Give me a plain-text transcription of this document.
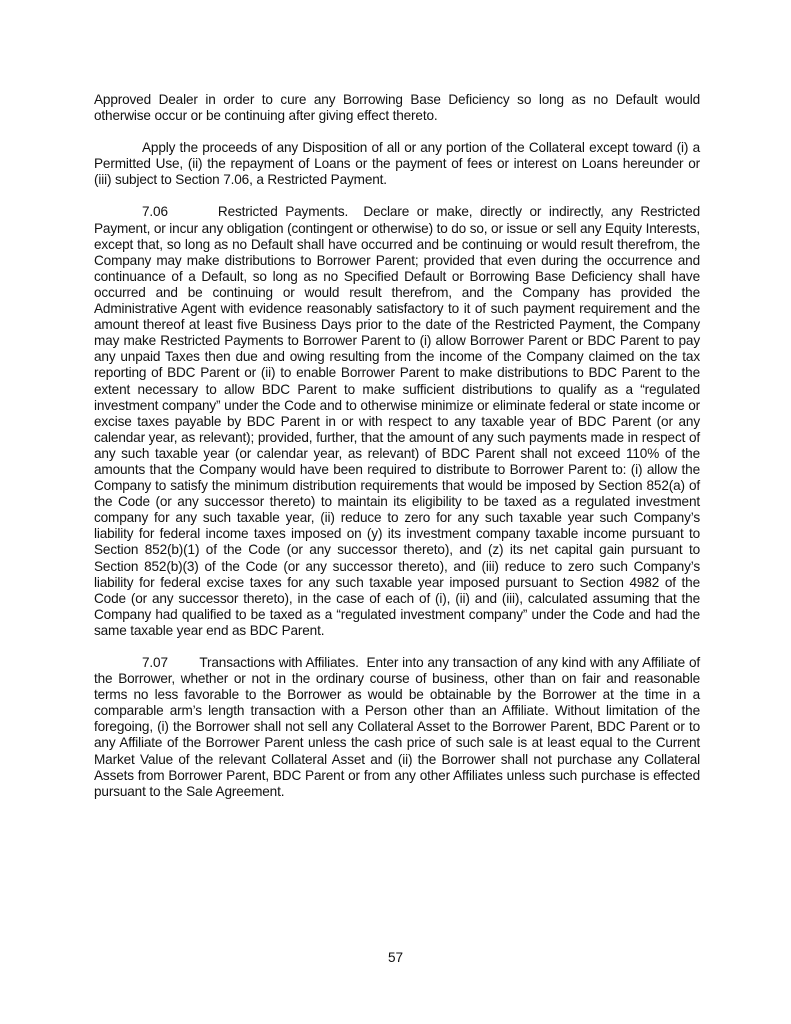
Approved Dealer in order to cure any Borrowing Base Deficiency so long as no Default would otherwise occur or be continuing after giving effect thereto.

Apply the proceeds of any Disposition of all or any portion of the Collateral except toward (i) a Permitted Use, (ii) the repayment of Loans or the payment of fees or interest on Loans hereunder or (iii) subject to Section 7.06, a Restricted Payment.

7.06	Restricted Payments. Declare or make, directly or indirectly, any Restricted Payment, or incur any obligation (contingent or otherwise) to do so, or issue or sell any Equity Interests, except that, so long as no Default shall have occurred and be continuing or would result therefrom, the Company may make distributions to Borrower Parent; provided that even during the occurrence and continuance of a Default, so long as no Specified Default or Borrowing Base Deficiency shall have occurred and be continuing or would result therefrom, and the Company has provided the Administrative Agent with evidence reasonably satisfactory to it of such payment requirement and the amount thereof at least five Business Days prior to the date of the Restricted Payment, the Company may make Restricted Payments to Borrower Parent to (i) allow Borrower Parent or BDC Parent to pay any unpaid Taxes then due and owing resulting from the income of the Company claimed on the tax reporting of BDC Parent or (ii) to enable Borrower Parent to make distributions to BDC Parent to the extent necessary to allow BDC Parent to make sufficient distributions to qualify as a “regulated investment company” under the Code and to otherwise minimize or eliminate federal or state income or excise taxes payable by BDC Parent in or with respect to any taxable year of BDC Parent (or any calendar year, as relevant); provided, further, that the amount of any such payments made in respect of any such taxable year (or calendar year, as relevant) of BDC Parent shall not exceed 110% of the amounts that the Company would have been required to distribute to Borrower Parent to: (i) allow the Company to satisfy the minimum distribution requirements that would be imposed by Section 852(a) of the Code (or any successor thereto) to maintain its eligibility to be taxed as a regulated investment company for any such taxable year, (ii) reduce to zero for any such taxable year such Company’s liability for federal income taxes imposed on (y) its investment company taxable income pursuant to Section 852(b)(1) of the Code (or any successor thereto), and (z) its net capital gain pursuant to Section 852(b)(3) of the Code (or any successor thereto), and (iii) reduce to zero such Company’s liability for federal excise taxes for any such taxable year imposed pursuant to Section 4982 of the Code (or any successor thereto), in the case of each of (i), (ii) and (iii), calculated assuming that the Company had qualified to be taxed as a “regulated investment company” under the Code and had the same taxable year end as BDC Parent.

7.07 Transactions with Affiliates. Enter into any transaction of any kind with any Affiliate of the Borrower, whether or not in the ordinary course of business, other than on fair and reasonable terms no less favorable to the Borrower as would be obtainable by the Borrower at the time in a comparable arm’s length transaction with a Person other than an Affiliate. Without limitation of the foregoing, (i) the Borrower shall not sell any Collateral Asset to the Borrower Parent, BDC Parent or to any Affiliate of the Borrower Parent unless the cash price of such sale is at least equal to the Current Market Value of the relevant Collateral Asset and (ii) the Borrower shall not purchase any Collateral Assets from Borrower Parent, BDC Parent or from any other Affiliates unless such purchase is effected pursuant to the Sale Agreement.

57
